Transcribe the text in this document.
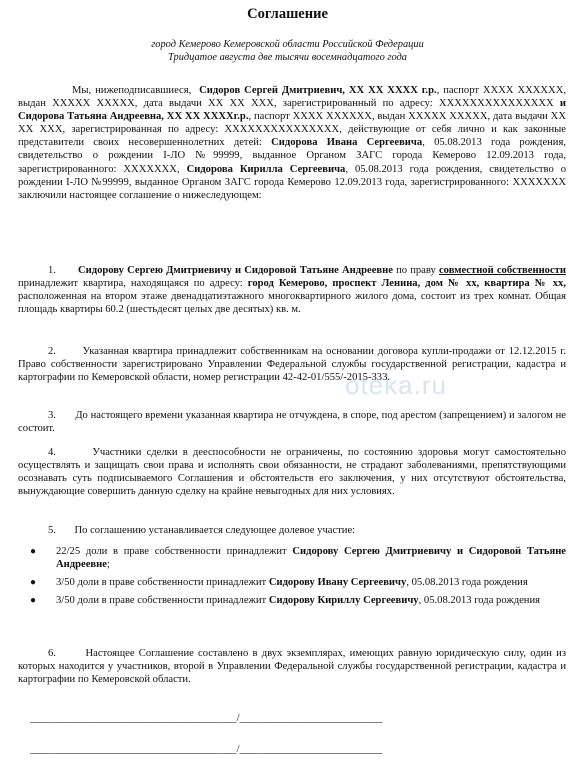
Соглашение
город Кемерово Кемеровской области Российской Федерации
Тридцатое августа две тысячи восемнадцатого года
oteka.ru
Мы, нижеподписавшиеся, Сидоров Сергей Дмитриевич, ХХ ХХ ХХХХ г.р., паспорт ХХХХ ХХХХХХ, выдан ХХХХХ ХХХХХ, дата выдачи ХХ ХХ ХХХ, зарегистрированный по адресу: ХХХХХХХХХХХХХХХ и Сидорова Татьяна Андреевна, ХХ ХХ ХХХХг.р., паспорт ХХХХ ХХХХХХ, выдан ХХХХХ ХХХХХ, дата выдачи ХХ ХХ ХХХ, зарегистрированная по адресу: ХХХХХХХХХХХХХХХ, действующие от себя лично и как законные представители своих несовершеннолетних детей: Сидорова Ивана Сергеевича, 05.08.2013 года рождения, свидетельство о рождении I-ЛО №99999, выданное Органом ЗАГС города Кемерово 12.09.2013 года, зарегистрированного: ХХХХХХХ, Сидорова Кирилла Сергеевича, 05.08.2013 года рождения, свидетельство о рождении I-ЛО №99999, выданное Органом ЗАГС города Кемерово 12.09.2013 года, зарегистрированного: ХХХХХХХ заключили настоящее соглашение о нижеследующем:
1. Сидорову Сергею Дмитриевичу и Сидоровой Татьяне Андреевне по праву совместной собственности принадлежит квартира, находящаяся по адресу: город Кемерово, проспект Ленина, дом № хх, квартира № хх, расположенная на втором этаже двенадцатиэтажного многоквартирного жилого дома, состоит из трех комнат. Общая площадь квартиры 60.2 (шестьдесят целых две десятых) кв. м.
2.	Указанная квартира принадлежит собственникам на основании договора купли-продажи от 12.12.2015 г. Право собственности зарегистрировано Управлении Федеральной службы государственной регистрации, кадастра и картографии по Кемеровской области, номер регистрации 42-42-01/555/-2015-333.
3. До настоящего времени указанная квартира не отчуждена, в споре, под арестом (запрещением) и залогом не состоит.
4.	Участники сделки в дееспособности не ограничены, по состоянию здоровья могут самостоятельно осуществлять и защищать свои права и исполнять свои обязанности, не страдают заболеваниями, препятствующими осознавать суть подписываемого Соглашения и обстоятельств его заключения, у них отсутствуют обстоятельства, вынуждающие совершить данную сделку на крайне невыгодных для них условиях.
5. По соглашению устанавливается следующее долевое участие:
● 22/25 доли в праве собственности принадлежит Сидорову Сергею Дмитриевичу и Сидоровой Татьяне Андреевне;
● 3/50 доли в праве собственности принадлежит Сидорову Ивану Сергеевичу, 05.08.2013 года рождения
● 3/50 доли в праве собственности принадлежит Сидорову Кириллу Сергеевичу, 05.08.2013 года рождения
6.	Настоящее Соглашение составлено в двух экземплярах, имеющих равную юридическую силу, один из которых находится у участников, второй в Управлении Федеральной службы государственной регистрации, кадастра и картографии по Кемеровской области.
_______________________________________/___________________________
_______________________________________/___________________________
